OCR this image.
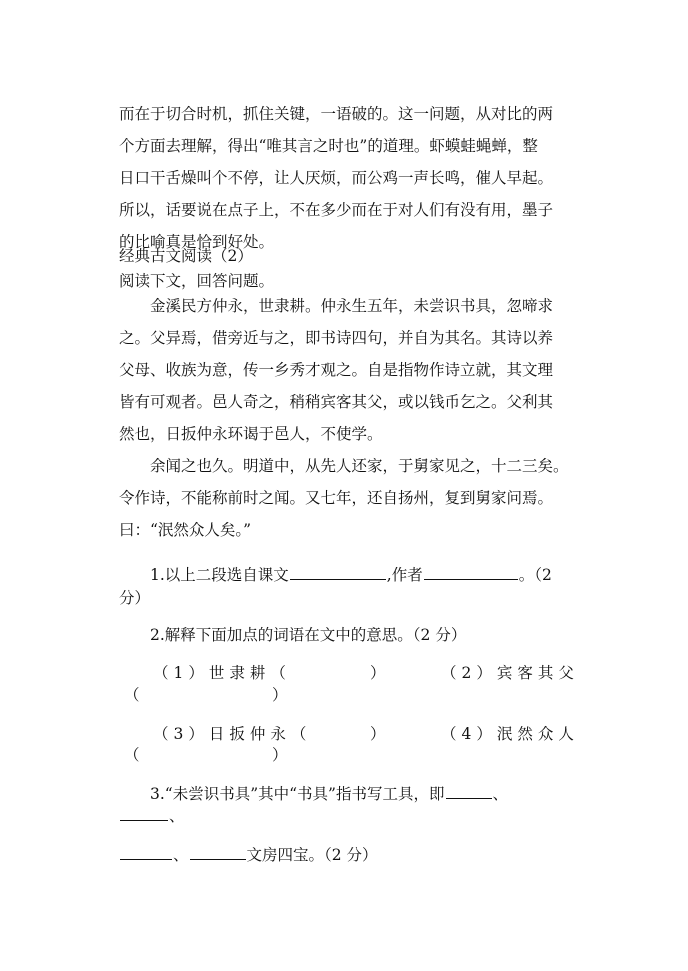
而在于切合时机，抓住关键，一语破的。这一问题，从对比的两
个方面去理解，得出“唯其言之时也”的道理。虾蟆蛙蝇蝉，整
日口干舌燥叫个不停，让人厌烦，而公鸡一声长鸣，催人早起。
所以，话要说在点子上，不在多少而在于对人们有没有用，墨子
的比喻真是恰到好处。
经典古文阅读（2）
阅读下文，回答问题。
金溪民方仲永，世隶耕。仲永生五年，未尝识书具，忽啼求
之。父异焉，借旁近与之，即书诗四句，并自为其名。其诗以养
父母、收族为意，传一乡秀才观之。自是指物作诗立就，其文理
皆有可观者。邑人奇之，稍稍宾客其父，或以钱币乞之。父利其
然也，日扳仲永环谒于邑人，不使学。
余闻之也久。明道中，从先人还家，于舅家见之，十二三矣。
令作诗，不能称前时之闻。又七年，还自扬州，复到舅家问焉。
曰：“泯然众人矣。”
1.以上二段选自课文	,作者	。（2
分）
2.解释下面加点的词语在文中的意思。（2 分）
（1）世隶耕（	）	（2）宾客其父
（	）
（3）日扳仲永（	）	（4）泯然众人
（	）
3.“未尝识书具”其中“书具”指书写工具，即	、
、
、	文房四宝。（2 分）
